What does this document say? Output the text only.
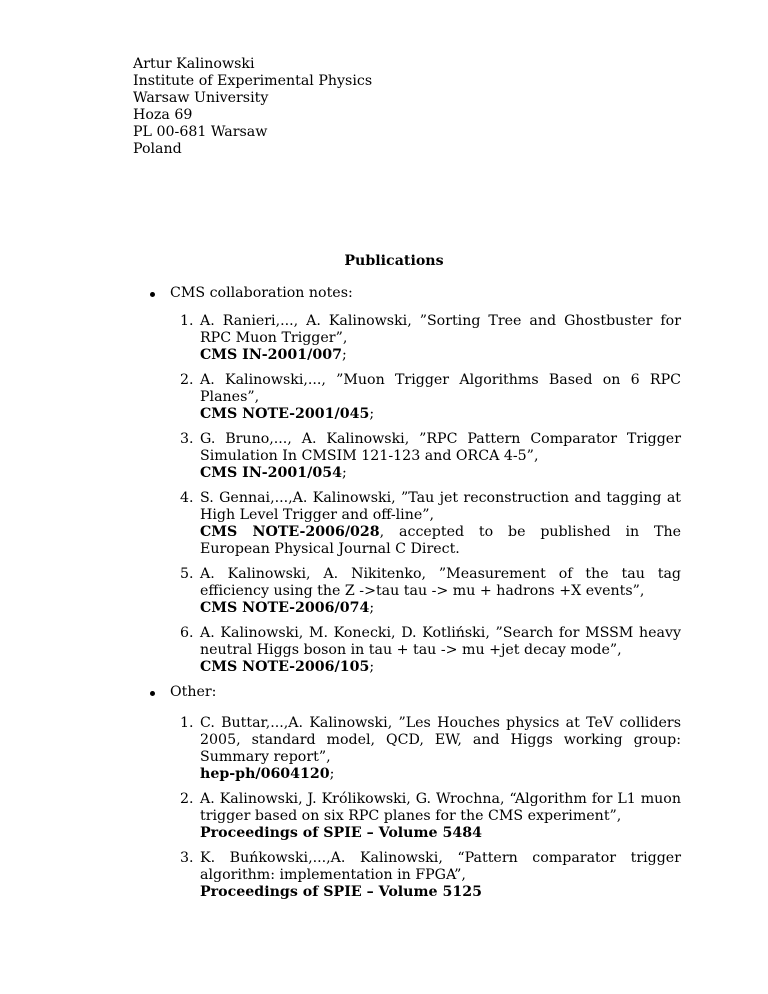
Artur Kalinowski
Institute of Experimental Physics
Warsaw University
Hoza 69
PL 00-681 Warsaw
Poland
Publications
CMS collaboration notes:
1. A. Ranieri,..., A. Kalinowski, ”Sorting Tree and Ghostbuster for RPC Muon Trigger”,
CMS IN-2001/007;
2. A. Kalinowski,..., ”Muon Trigger Algorithms Based on 6 RPC Planes”,
CMS NOTE-2001/045;
3. G. Bruno,..., A. Kalinowski, ”RPC Pattern Comparator Trigger Simulation In CMSIM 121-123 and ORCA 4-5”,
CMS IN-2001/054;
4. S. Gennai,...,A. Kalinowski, ”Tau jet reconstruction and tagging at High Level Trigger and off-line”,
CMS NOTE-2006/028, accepted to be published in The European Physical Journal C Direct.
5. A. Kalinowski, A. Nikitenko, ”Measurement of the tau tag efficiency using the Z ->tau tau -> mu + hadrons +X events”,
CMS NOTE-2006/074;
6. A. Kalinowski, M. Konecki, D. Kotliński, ”Search for MSSM heavy neutral Higgs boson in tau + tau -> mu +jet decay mode”,
CMS NOTE-2006/105;
Other:
1. C. Buttar,...,A. Kalinowski, ”Les Houches physics at TeV colliders 2005, standard model, QCD, EW, and Higgs working group: Summary report”,
hep-ph/0604120;
2. A. Kalinowski, J. Królikowski, G. Wrochna, “Algorithm for L1 muon trigger based on six RPC planes for the CMS experiment”,
Proceedings of SPIE – Volume 5484
3. K. Buńkowski,...,A. Kalinowski, “Pattern comparator trigger algorithm: implementation in FPGA”,
Proceedings of SPIE – Volume 5125
